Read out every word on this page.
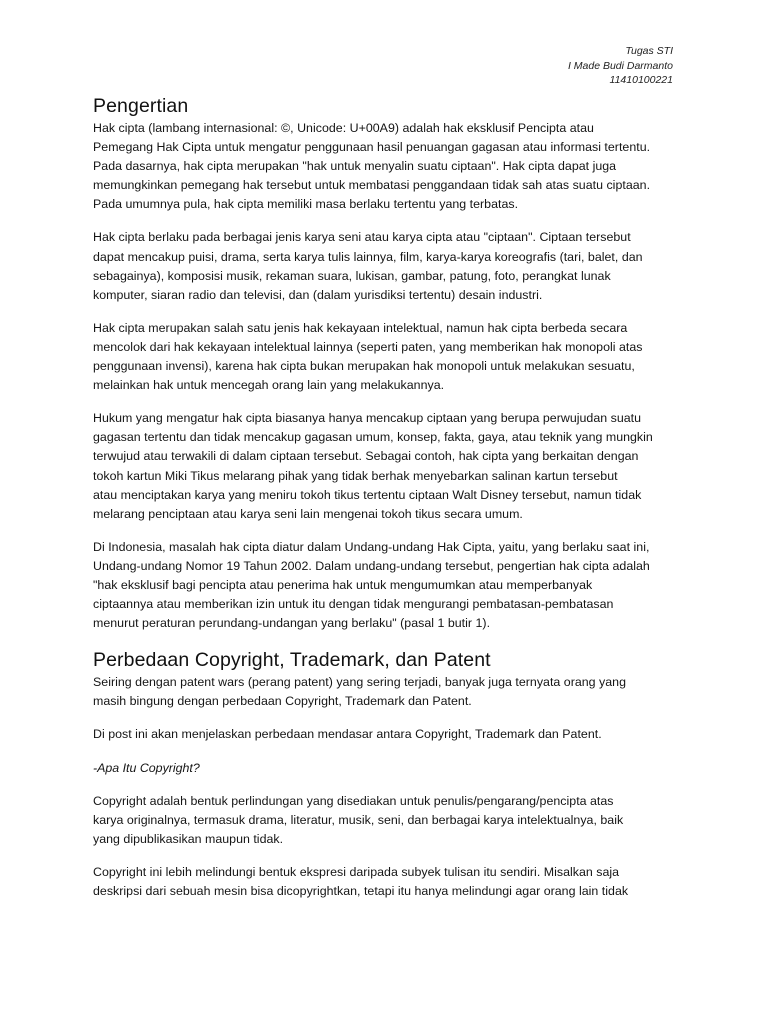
Tugas STI
I Made Budi Darmanto
11410100221
Pengertian

Hak cipta (lambang internasional: ©, Unicode: U+00A9) adalah hak eksklusif Pencipta atau
Pemegang Hak Cipta untuk mengatur penggunaan hasil penuangan gagasan atau informasi tertentu.
Pada dasarnya, hak cipta merupakan "hak untuk menyalin suatu ciptaan". Hak cipta dapat juga
memungkinkan pemegang hak tersebut untuk membatasi penggandaan tidak sah atas suatu ciptaan.
Pada umumnya pula, hak cipta memiliki masa berlaku tertentu yang terbatas.

Hak cipta berlaku pada berbagai jenis karya seni atau karya cipta atau "ciptaan". Ciptaan tersebut
dapat mencakup puisi, drama, serta karya tulis lainnya, film, karya-karya koreografis (tari, balet, dan
sebagainya), komposisi musik, rekaman suara, lukisan, gambar, patung, foto, perangkat lunak
komputer, siaran radio dan televisi, dan (dalam yurisdiksi tertentu) desain industri.

Hak cipta merupakan salah satu jenis hak kekayaan intelektual, namun hak cipta berbeda secara
mencolok dari hak kekayaan intelektual lainnya (seperti paten, yang memberikan hak monopoli atas
penggunaan invensi), karena hak cipta bukan merupakan hak monopoli untuk melakukan sesuatu,
melainkan hak untuk mencegah orang lain yang melakukannya.

Hukum yang mengatur hak cipta biasanya hanya mencakup ciptaan yang berupa perwujudan suatu
gagasan tertentu dan tidak mencakup gagasan umum, konsep, fakta, gaya, atau teknik yang mungkin
terwujud atau terwakili di dalam ciptaan tersebut. Sebagai contoh, hak cipta yang berkaitan dengan
tokoh kartun Miki Tikus melarang pihak yang tidak berhak menyebarkan salinan kartun tersebut
atau menciptakan karya yang meniru tokoh tikus tertentu ciptaan Walt Disney tersebut, namun tidak
melarang penciptaan atau karya seni lain mengenai tokoh tikus secara umum.

Di Indonesia, masalah hak cipta diatur dalam Undang-undang Hak Cipta, yaitu, yang berlaku saat ini,
Undang-undang Nomor 19 Tahun 2002. Dalam undang-undang tersebut, pengertian hak cipta adalah
"hak eksklusif bagi pencipta atau penerima hak untuk mengumumkan atau memperbanyak
ciptaannya atau memberikan izin untuk itu dengan tidak mengurangi pembatasan-pembatasan
menurut peraturan perundang-undangan yang berlaku" (pasal 1 butir 1).

Perbedaan Copyright, Trademark, dan Patent

Seiring dengan patent wars (perang patent) yang sering terjadi, banyak juga ternyata orang yang
masih bingung dengan perbedaan Copyright, Trademark dan Patent.

Di post ini akan menjelaskan perbedaan mendasar antara Copyright, Trademark dan Patent.

-Apa Itu Copyright?

Copyright adalah bentuk perlindungan yang disediakan untuk penulis/pengarang/pencipta atas
karya originalnya, termasuk drama, literatur, musik, seni, dan berbagai karya intelektualnya, baik
yang dipublikasikan maupun tidak.

Copyright ini lebih melindungi bentuk ekspresi daripada subyek tulisan itu sendiri. Misalkan saja
deskripsi dari sebuah mesin bisa dicopyrightkan, tetapi itu hanya melindungi agar orang lain tidak
